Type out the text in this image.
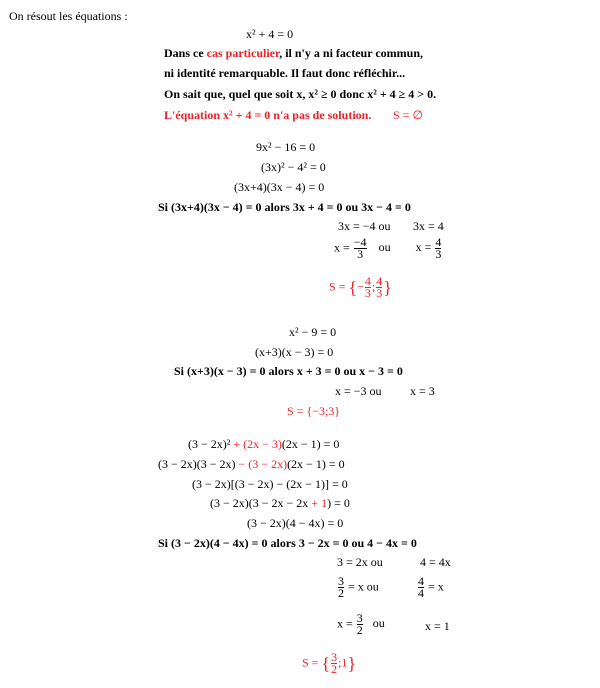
On résout les équations :
x² + 4 = 0
Dans ce cas particulier, il n'y a ni facteur commun,
ni identité remarquable. Il faut donc réfléchir...
On sait que, quel que soit x, x² ≥ 0 donc x² + 4 ≥ 4 > 0.
L'équation x² + 4 = 0 n'a pas de solution. S = ∅
9x² − 16 = 0
(3x)² − 4² = 0
(3x+4)(3x − 4) = 0
Si (3x+4)(3x − 4) = 0 alors 3x + 4 = 0 ou 3x − 4 = 0
3x = −4 ou 3x = 4
$x = \frac{-4}{3}$ ou $x = \frac{4}{3}$
S = {− $\frac{4}{3}$ ; $\frac{4}{3}$ }
x² − 9 = 0
(x+3)(x − 3) = 0
Si (x+3)(x − 3) = 0 alors x + 3 = 0 ou x − 3 = 0
x = −3 ou x = 3
S = {−3;3}
(3 − 2x)² + (2x − 3)(2x − 1) = 0
(3 − 2x)(3 − 2x) − (3 − 2x)(2x − 1) = 0
(3 − 2x)[(3 − 2x) − (2x − 1)] = 0
(3 − 2x)(3 − 2x − 2x + 1) = 0
(3 − 2x)(4 − 4x) = 0
Si (3 − 2x)(4 − 4x) = 0 alors 3 − 2x = 0 ou 4 − 4x = 0
3 = 2x ou	4 = 4x
$\frac{3}{2} = x$ ou	$\frac{4}{4} = x$
$x = \frac{3}{2}$ ou	x = 1
S = { $\frac{3}{2}$ ;1}
